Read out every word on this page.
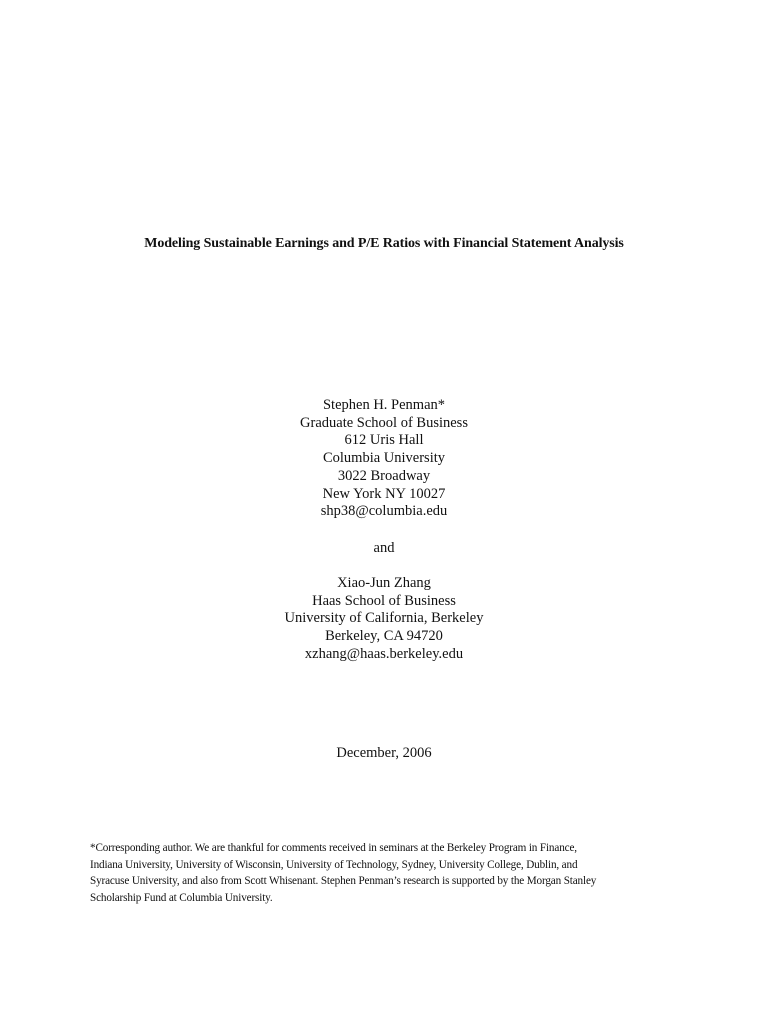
Modeling Sustainable Earnings and P/E Ratios with Financial Statement Analysis
Stephen H. Penman*
Graduate School of Business
612 Uris Hall
Columbia University
3022 Broadway
New York NY 10027
shp38@columbia.edu
and
Xiao-Jun Zhang
Haas School of Business
University of California, Berkeley
Berkeley, CA 94720
xzhang@haas.berkeley.edu
December, 2006
*Corresponding author. We are thankful for comments received in seminars at the Berkeley Program in Finance,
Indiana University, University of Wisconsin, University of Technology, Sydney, University College, Dublin, and
Syracuse University, and also from Scott Whisenant. Stephen Penman’s research is supported by the Morgan Stanley
Scholarship Fund at Columbia University.
